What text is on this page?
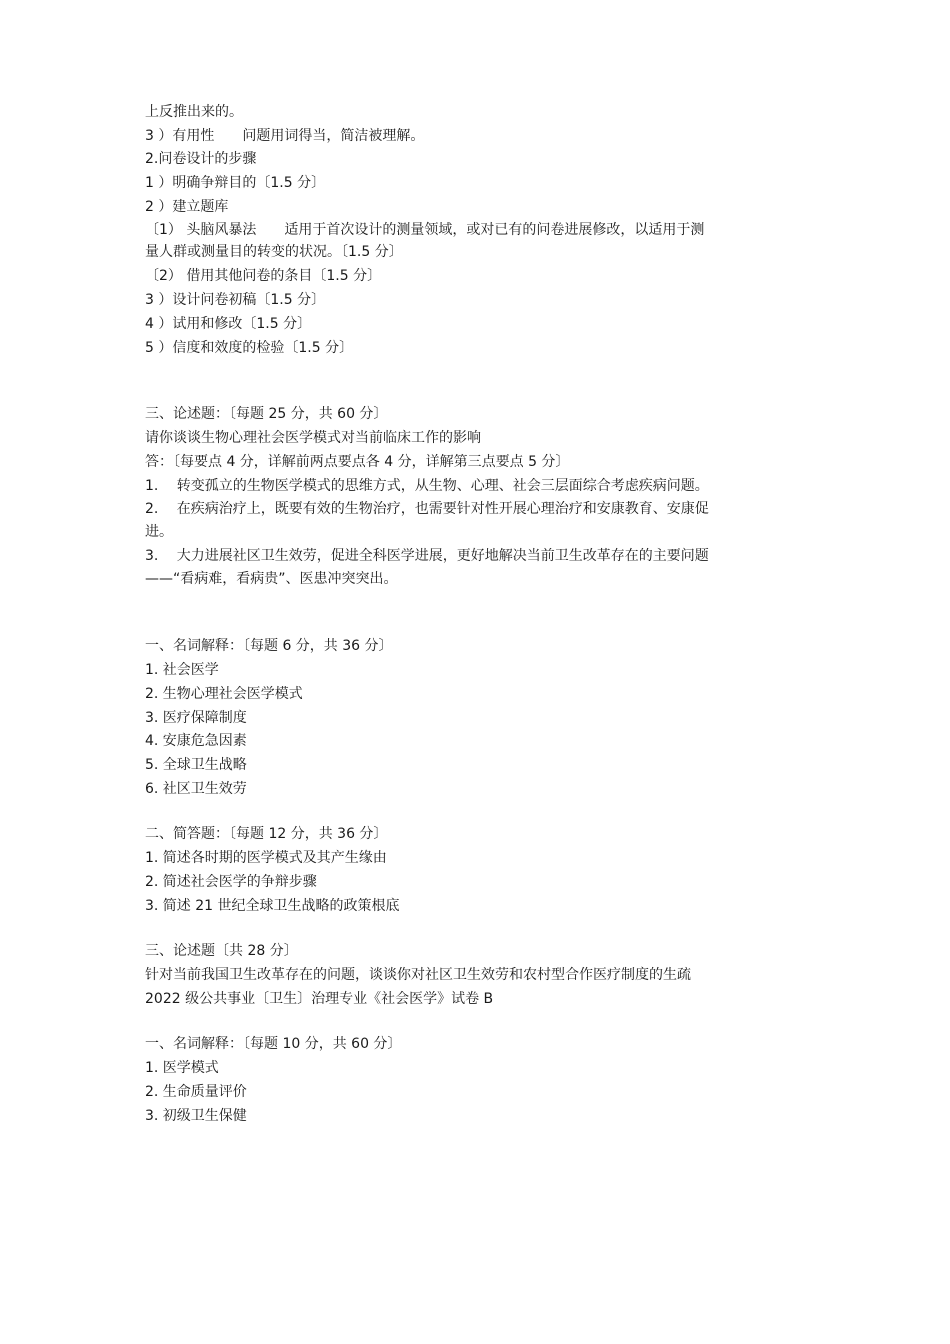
上反推出来的。
3 ）有用性　　问题用词得当，简洁被理解。
2.问卷设计的步骤
1 ）明确争辩目的〔1.5 分〕
2 ）建立题库
〔1） 头脑风暴法　　适用于首次设计的测量领域，或对已有的问卷进展修改，以适用于测
量人群或测量目的转变的状况。〔1.5 分〕
〔2） 借用其他问卷的条目〔1.5 分〕
3 ）设计问卷初稿〔1.5 分〕
4 ）试用和修改〔1.5 分〕
5 ）信度和效度的检验〔1.5 分〕
三、论述题：〔每题 25 分，共 60 分〕
请你谈谈生物心理社会医学模式对当前临床工作的影响
答：〔每要点 4 分，详解前两点要点各 4 分，详解第三点要点 5 分〕
1.　 转变孤立的生物医学模式的思维方式，从生物、心理、社会三层面综合考虑疾病问题。
2.　 在疾病治疗上，既要有效的生物治疗，也需要针对性开展心理治疗和安康教育、安康促
进。
3.　 大力进展社区卫生效劳，促进全科医学进展，更好地解决当前卫生改革存在的主要问题
——“看病难，看病贵”、医患冲突突出。
一、名词解释：〔每题 6 分，共 36 分〕
1. 社会医学
2. 生物心理社会医学模式
3. 医疗保障制度
4. 安康危急因素
5. 全球卫生战略
6. 社区卫生效劳
二、简答题：〔每题 12 分，共 36 分〕
1. 简述各时期的医学模式及其产生缘由
2. 简述社会医学的争辩步骤
3. 简述 21 世纪全球卫生战略的政策根底
三、论述题〔共 28 分〕
针对当前我国卫生改革存在的问题，谈谈你对社区卫生效劳和农村型合作医疗制度的生疏
2022 级公共事业〔卫生〕治理专业《社会医学》试卷 B
一、名词解释：〔每题 10 分，共 60 分〕
1. 医学模式
2. 生命质量评价
3. 初级卫生保健
